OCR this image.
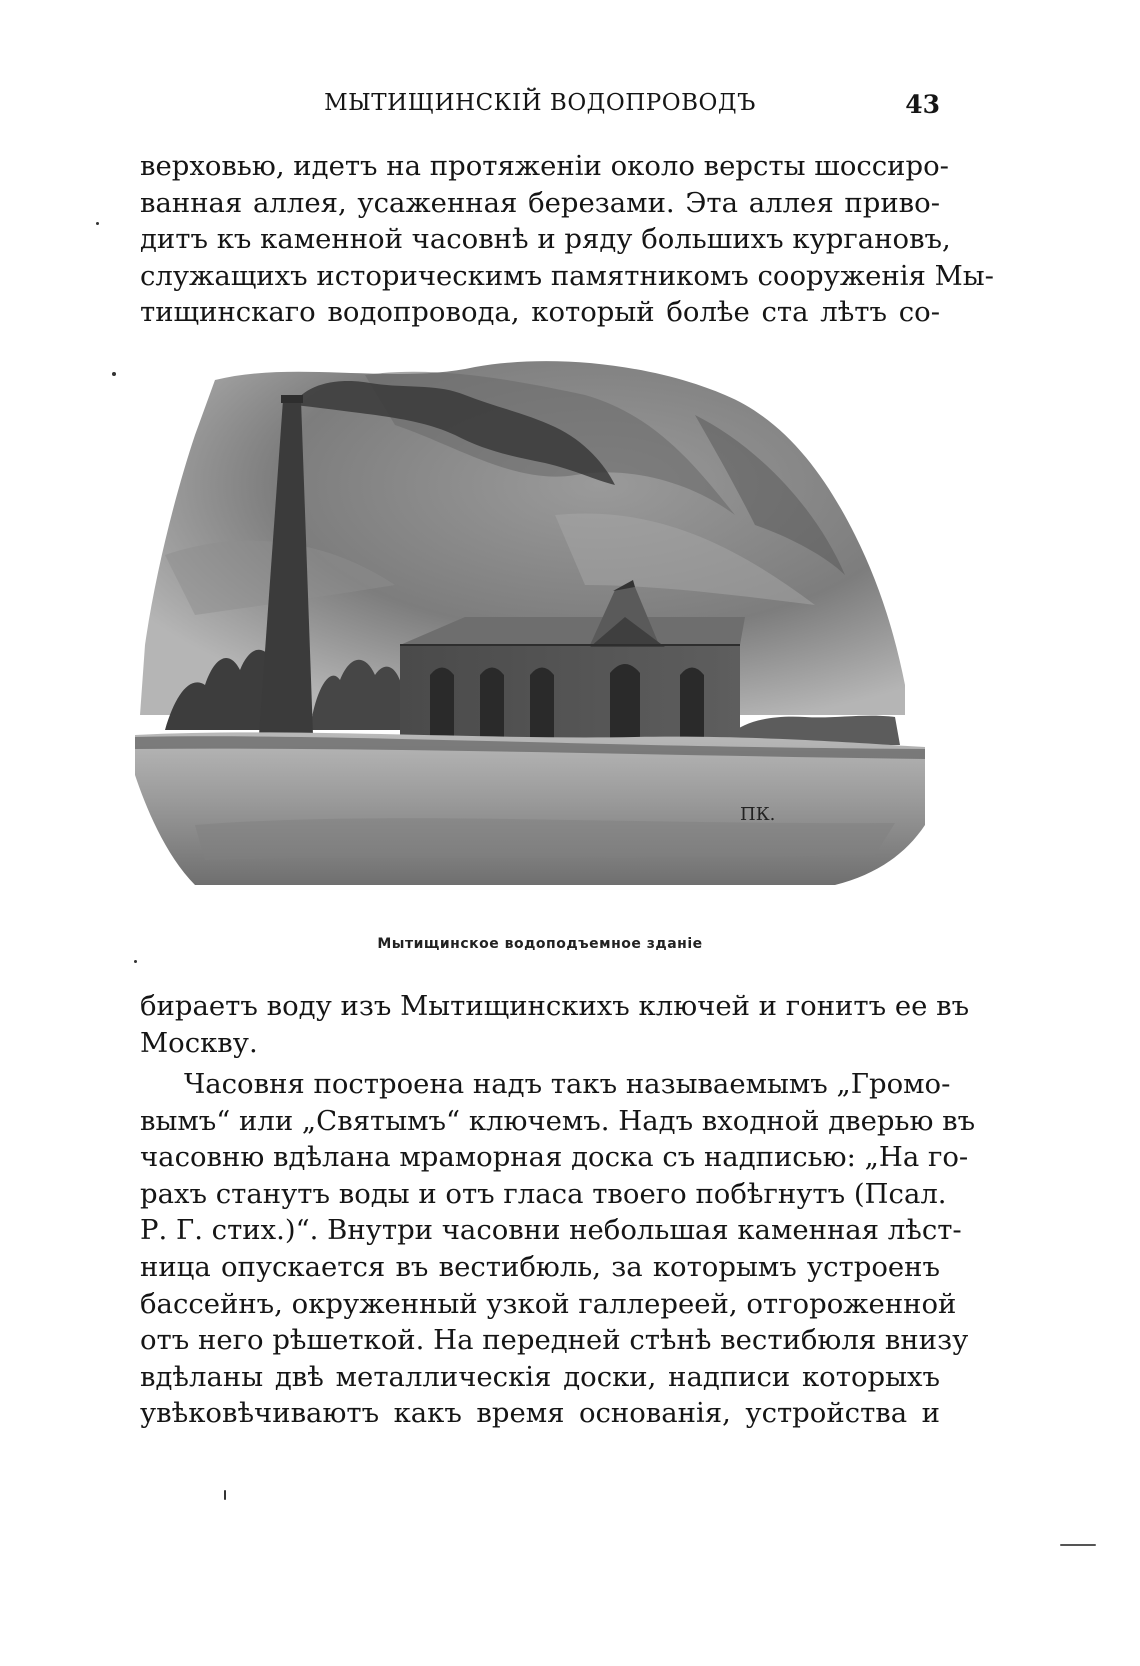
МЫТИЩИНСКІЙ ВОДОПРОВОДЪ	43

верховью, идетъ на протяженіи около версты шоссиро-
ванная аллея, усаженная березами. Эта аллея приво-
дитъ къ каменной часовнѣ и ряду большихъ кургановъ,
служащихъ историческимъ памятникомъ сооруженія Мы-
тищинскаго водопровода, который болѣе ста лѣтъ со-

ПК.
Мытищинское водоподъемное зданіе

бираетъ воду изъ Мытищинскихъ ключей и гонитъ ее въ
Москву.

Часовня построена надъ такъ называемымъ „Громо-
вымъ“ или „Святымъ“ ключемъ. Надъ входной дверью въ
часовню вдѣлана мраморная доска съ надписью: „На го-
рахъ станутъ воды и отъ гласа твоего побѣгнутъ (Псал.
Р. Г. стих.)“. Внутри часовни небольшая каменная лѣст-
ница опускается въ вестибюль, за которымъ устроенъ
бассейнъ, окруженный узкой галлереей, отгороженной
отъ него рѣшеткой. На передней стѣнѣ вестибюля внизу
вдѣланы двѣ металлическія доски, надписи которыхъ
увѣковѣчиваютъ какъ время основанія, устройства и
